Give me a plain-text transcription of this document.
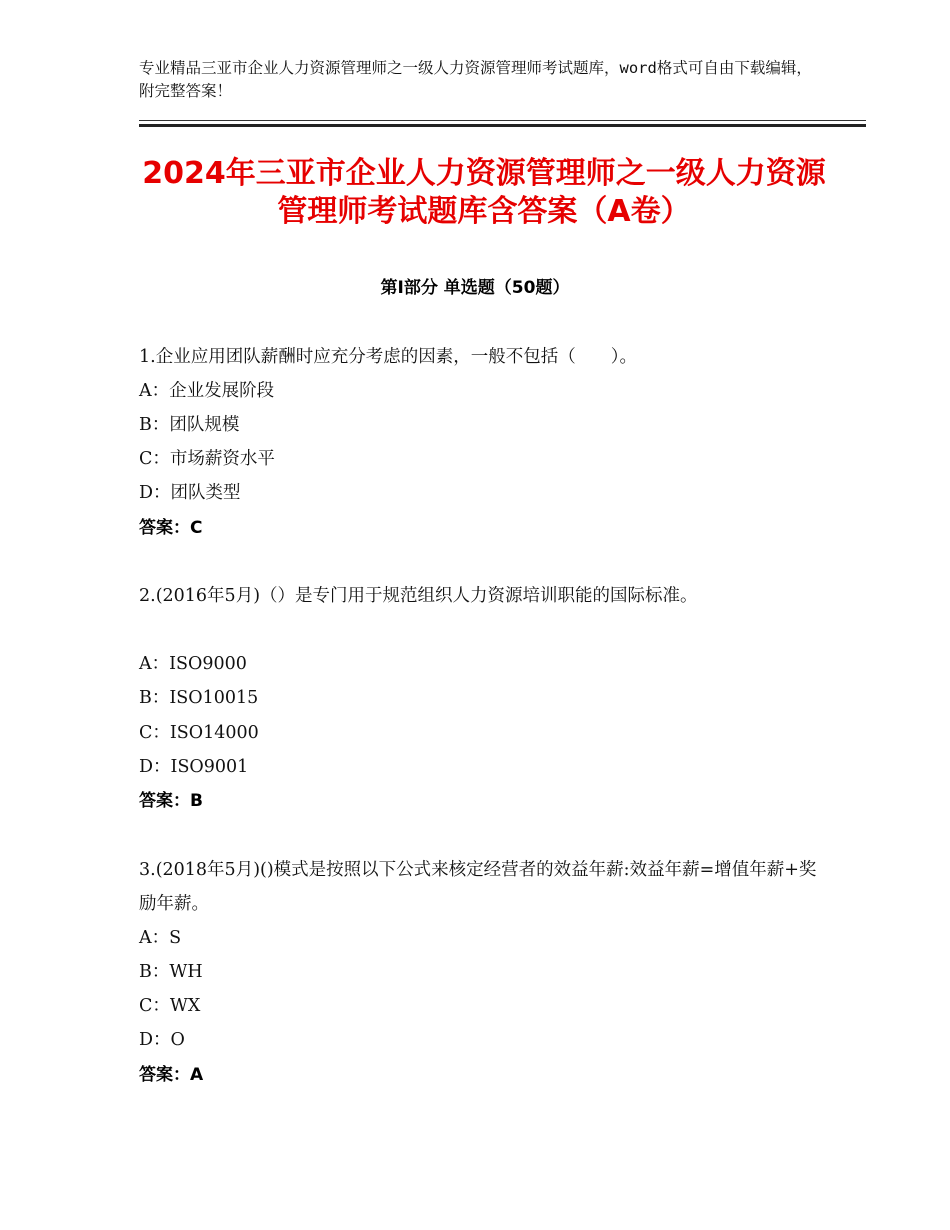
专业精品三亚市企业人力资源管理师之一级人力资源管理师考试题库，word格式可自由下载编辑，附完整答案！
2024年三亚市企业人力资源管理师之一级人力资源管理师考试题库含答案（A卷）
第Ⅰ部分 单选题（50题）
1.企业应用团队薪酬时应充分考虑的因素，一般不包括（　　）。
A：企业发展阶段
B：团队规模
C：市场薪资水平
D：团队类型
答案：C
2.(2016年5月)（）是专门用于规范组织人力资源培训职能的国际标准。
A：ISO9000
B：ISO10015
C：ISO14000
D：ISO9001
答案：B
3.(2018年5月)()模式是按照以下公式来核定经营者的效益年薪:效益年薪=增值年薪+奖励年薪。
A：S
B：WH
C：WX
D：O
答案：A
